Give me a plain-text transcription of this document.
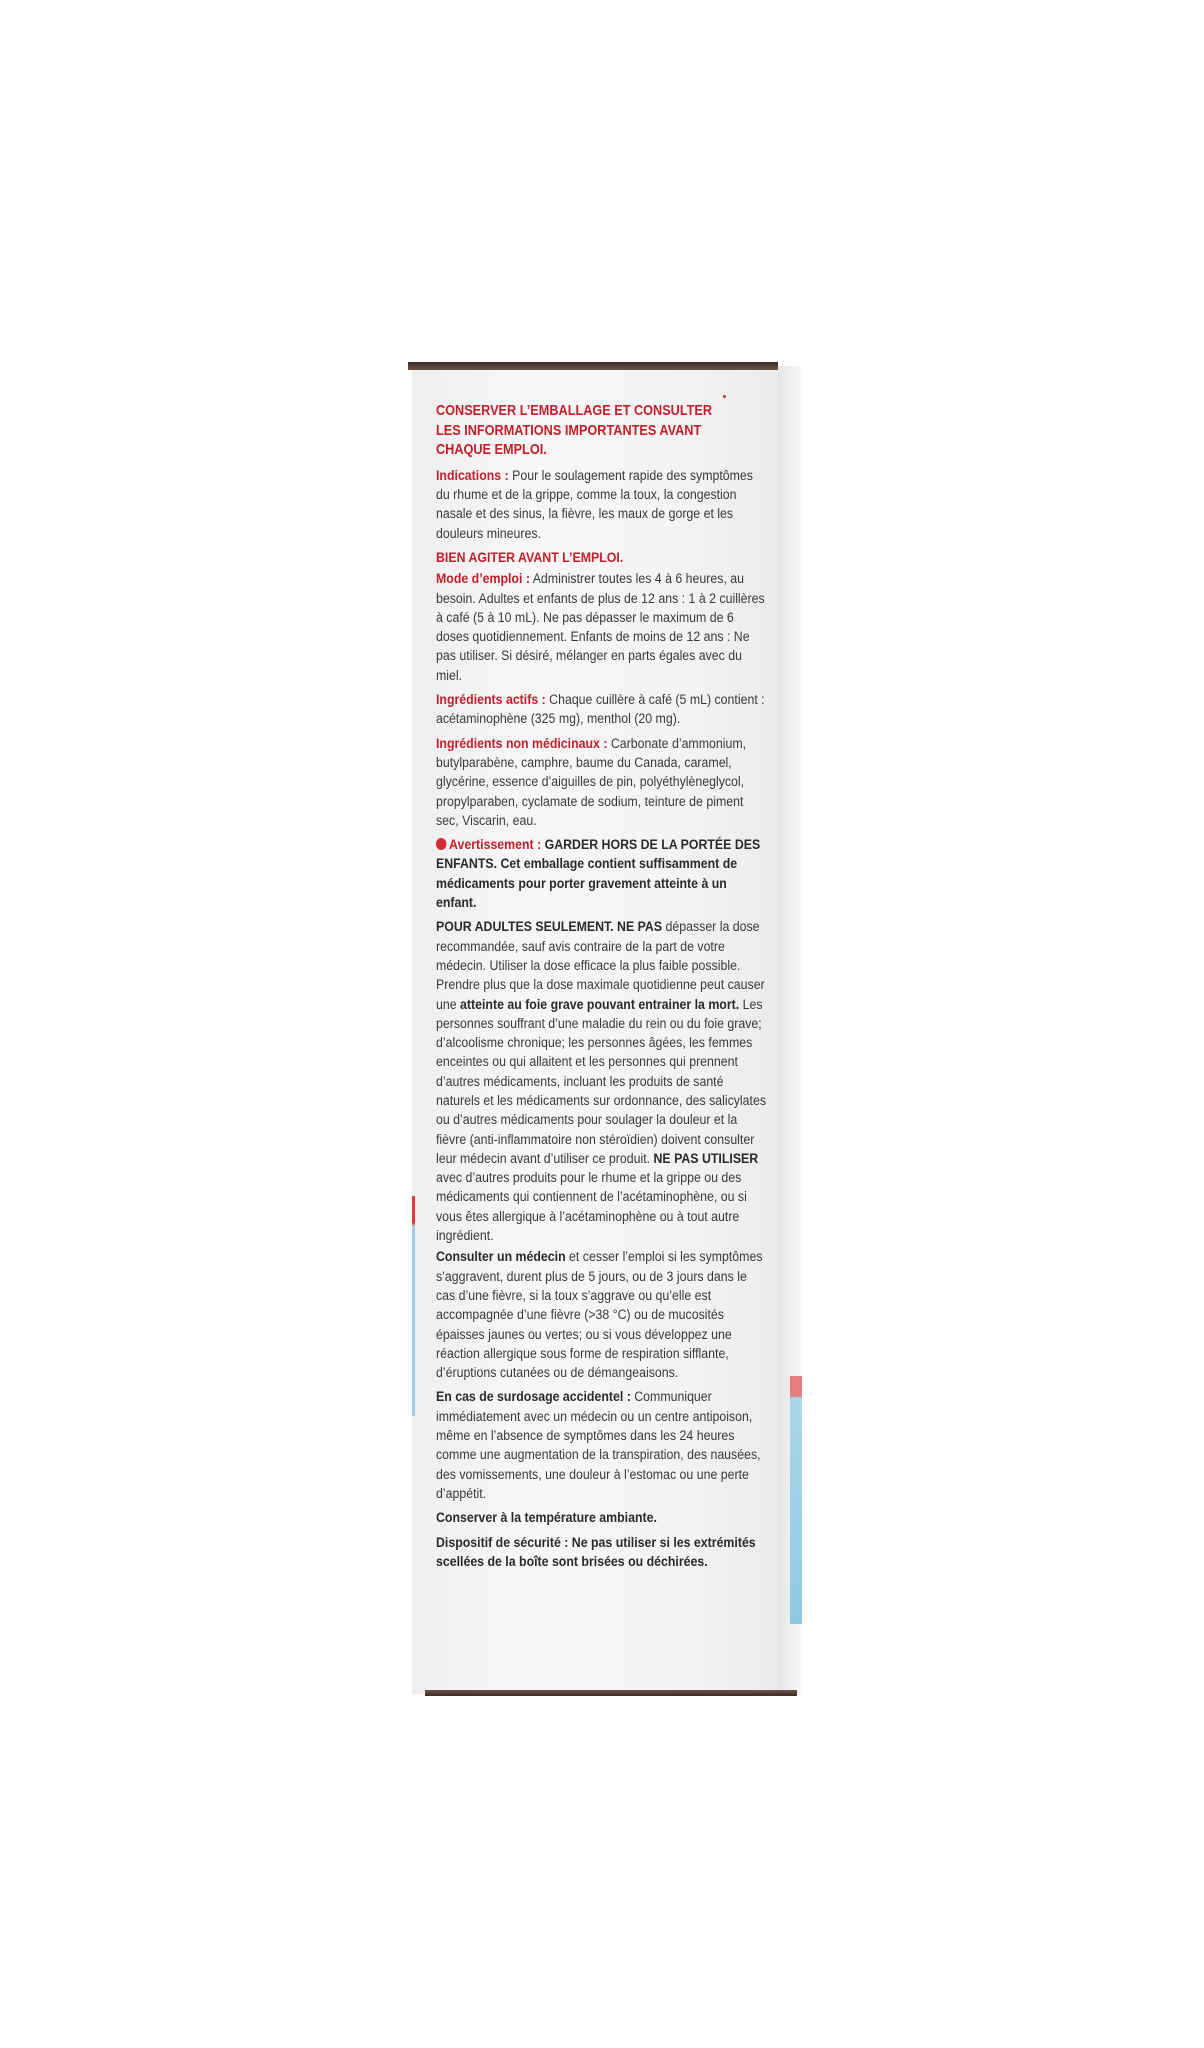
CONSERVER L’EMBALLAGE ET CONSULTER
LES INFORMATIONS IMPORTANTES AVANT
CHAQUE EMPLOI.

Indications : Pour le soulagement rapide des symptômes du rhume et de la grippe, comme la toux, la congestion nasale et des sinus, la fièvre, les maux de gorge et les douleurs mineures.

BIEN AGITER AVANT L’EMPLOI.

Mode d’emploi : Administrer toutes les 4 à 6 heures, au besoin. Adultes et enfants de plus de 12 ans : 1 à 2 cuillères à café (5 à 10 mL). Ne pas dépasser le maximum de 6 doses quotidiennement. Enfants de moins de 12 ans : Ne pas utiliser. Si désiré, mélanger en parts égales avec du miel.

Ingrédients actifs : Chaque cuillère à café (5 mL) contient : acétaminophène (325 mg), menthol (20 mg).

Ingrédients non médicinaux : Carbonate d’ammonium, butylparabène, camphre, baume du Canada, caramel, glycérine, essence d’aiguilles de pin, polyéthylèneglycol, propylparaben, cyclamate de sodium, teinture de piment sec, Viscarin, eau.

Avertissement : GARDER HORS DE LA PORTÉE DES ENFANTS. Cet emballage contient suffisamment de médicaments pour porter gravement atteinte à un enfant.

POUR ADULTES SEULEMENT. NE PAS dépasser la dose recommandée, sauf avis contraire de la part de votre médecin. Utiliser la dose efficace la plus faible possible. Prendre plus que la dose maximale quotidienne peut causer une atteinte au foie grave pouvant entrainer la mort. Les personnes souffrant d’une maladie du rein ou du foie grave; d’alcoolisme chronique; les personnes âgées, les femmes enceintes ou qui allaitent et les personnes qui prennent d’autres médicaments, incluant les produits de santé naturels et les médicaments sur ordonnance, des salicylates ou d’autres médicaments pour soulager la douleur et la fièvre (anti-inflammatoire non stéroïdien) doivent consulter leur médecin avant d’utiliser ce produit. NE PAS UTILISER avec d’autres produits pour le rhume et la grippe ou des médicaments qui contiennent de l’acétaminophène, ou si vous êtes allergique à l’acétaminophène ou à tout autre ingrédient.

Consulter un médecin et cesser l’emploi si les symptômes s’aggravent, durent plus de 5 jours, ou de 3 jours dans le cas d’une fièvre, si la toux s’aggrave ou qu’elle est accompagnée d’une fièvre (>38 °C) ou de mucosités épaisses jaunes ou vertes; ou si vous développez une réaction allergique sous forme de respiration sifflante, d’éruptions cutanées ou de démangeaisons.

En cas de surdosage accidentel : Communiquer immédiatement avec un médecin ou un centre antipoison, même en l’absence de symptômes dans les 24 heures comme une augmentation de la transpiration, des nausées, des vomissements, une douleur à l’estomac ou une perte d’appétit.

Conserver à la température ambiante.

Dispositif de sécurité : Ne pas utiliser si les extrémités scellées de la boîte sont brisées ou déchirées.
